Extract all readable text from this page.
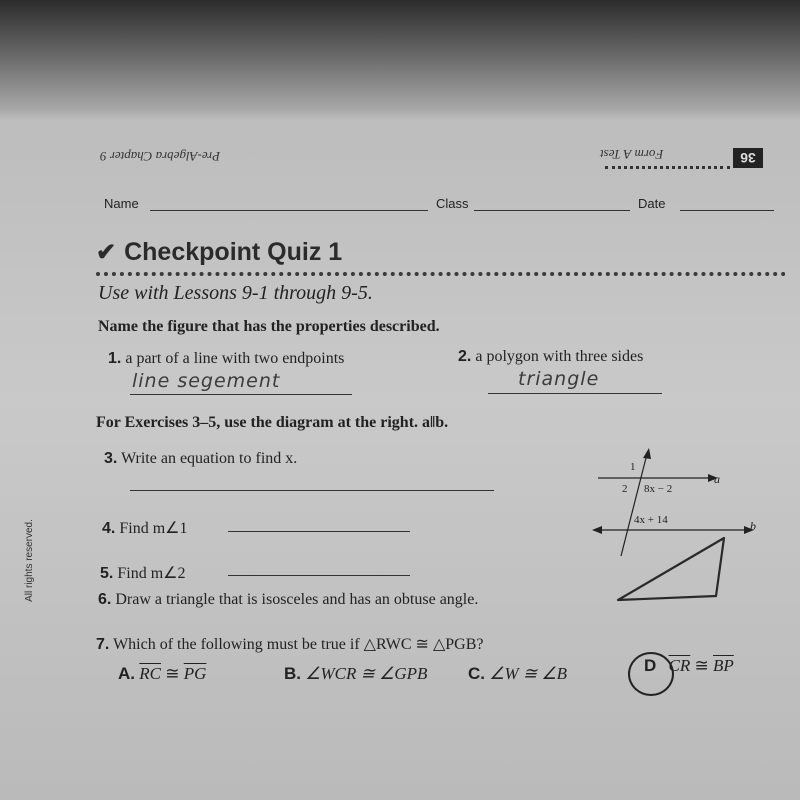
Pre-Algebra Chapter 9	Form A Test	36
Name	Class	Date
✔ Checkpoint Quiz 1
Use with Lessons 9-1 through 9-5.
Name the figure that has the properties described.
1. a part of a line with two endpoints
line segement
2. a polygon with three sides
triangle
For Exercises 3–5, use the diagram at the right. a‖b.
3. Write an equation to find x.
4. Find m∠1
5. Find m∠2
6. Draw a triangle that is isosceles and has an obtuse angle.
1
2 8x − 2
4x + 14
a
b
7. Which of the following must be true if △RWC ≅ △PGB?
A. $\overline{RC}$ ≅ $\overline{PG}$	B. ∠WCR ≅ ∠GPB C. ∠W ≅ ∠B	D $\overline{CR}$ ≅ $\overline{BP}$
All rights reserved.
